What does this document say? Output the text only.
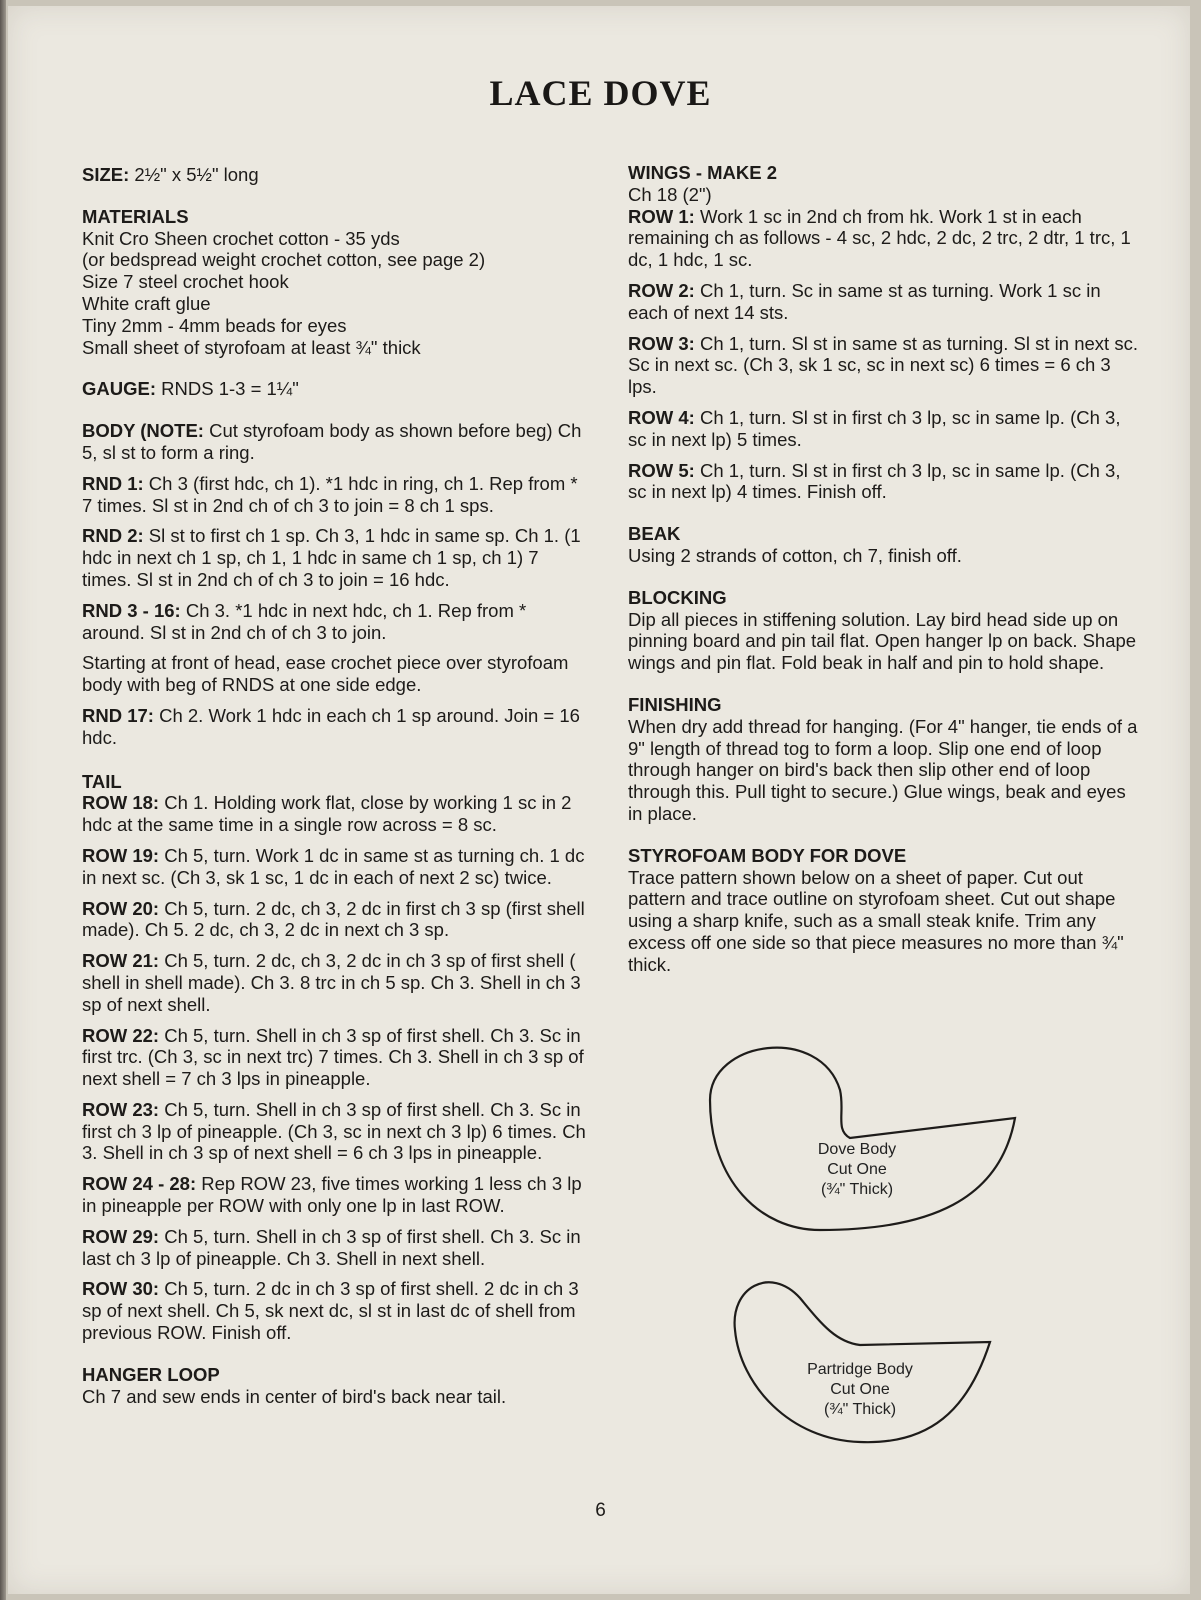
LACE DOVE

SIZE: 2½" x 5½" long

MATERIALS
Knit Cro Sheen crochet cotton - 35 yds
(or bedspread weight crochet cotton, see page 2)
Size 7 steel crochet hook
White craft glue
Tiny 2mm - 4mm beads for eyes
Small sheet of styrofoam at least ¾" thick

GAUGE: RNDS 1-3 = 1¼"

BODY (NOTE: Cut styrofoam body as shown before beg) Ch 5, sl st to form a ring.

RND 1: Ch 3 (first hdc, ch 1). *1 hdc in ring, ch 1. Rep from * 7 times. Sl st in 2nd ch of ch 3 to join = 8 ch 1 sps.

RND 2: Sl st to first ch 1 sp. Ch 3, 1 hdc in same sp. Ch 1. (1 hdc in next ch 1 sp, ch 1, 1 hdc in same ch 1 sp, ch 1) 7 times. Sl st in 2nd ch of ch 3 to join = 16 hdc.

RND 3 - 16: Ch 3. *1 hdc in next hdc, ch 1. Rep from * around. Sl st in 2nd ch of ch 3 to join.

Starting at front of head, ease crochet piece over styrofoam body with beg of RNDS at one side edge.

RND 17: Ch 2. Work 1 hdc in each ch 1 sp around. Join = 16 hdc.

TAIL

ROW 18: Ch 1. Holding work flat, close by working 1 sc in 2 hdc at the same time in a single row across = 8 sc.

ROW 19: Ch 5, turn. Work 1 dc in same st as turning ch. 1 dc in next sc. (Ch 3, sk 1 sc, 1 dc in each of next 2 sc) twice.

ROW 20: Ch 5, turn. 2 dc, ch 3, 2 dc in first ch 3 sp (first shell made). Ch 5. 2 dc, ch 3, 2 dc in next ch 3 sp.

ROW 21: Ch 5, turn. 2 dc, ch 3, 2 dc in ch 3 sp of first shell ( shell in shell made). Ch 3. 8 trc in ch 5 sp. Ch 3. Shell in ch 3 sp of next shell.

ROW 22: Ch 5, turn. Shell in ch 3 sp of first shell. Ch 3. Sc in first trc. (Ch 3, sc in next trc) 7 times. Ch 3. Shell in ch 3 sp of next shell = 7 ch 3 lps in pineapple.

ROW 23: Ch 5, turn. Shell in ch 3 sp of first shell. Ch 3. Sc in first ch 3 lp of pineapple. (Ch 3, sc in next ch 3 lp) 6 times. Ch 3. Shell in ch 3 sp of next shell = 6 ch 3 lps in pineapple.

ROW 24 - 28: Rep ROW 23, five times working 1 less ch 3 lp in pineapple per ROW with only one lp in last ROW.

ROW 29: Ch 5, turn. Shell in ch 3 sp of first shell. Ch 3. Sc in last ch 3 lp of pineapple. Ch 3. Shell in next shell.

ROW 30: Ch 5, turn. 2 dc in ch 3 sp of first shell. 2 dc in ch 3 sp of next shell. Ch 5, sk next dc, sl st in last dc of shell from previous ROW. Finish off.

HANGER LOOP
Ch 7 and sew ends in center of bird's back near tail.
WINGS - MAKE 2
Ch 18 (2")

ROW 1: Work 1 sc in 2nd ch from hk. Work 1 st in each remaining ch as follows - 4 sc, 2 hdc, 2 dc, 2 trc, 2 dtr, 1 trc, 1 dc, 1 hdc, 1 sc.

ROW 2: Ch 1, turn. Sc in same st as turning. Work 1 sc in each of next 14 sts.

ROW 3: Ch 1, turn. Sl st in same st as turning. Sl st in next sc. Sc in next sc. (Ch 3, sk 1 sc, sc in next sc) 6 times = 6 ch 3 lps.

ROW 4: Ch 1, turn. Sl st in first ch 3 lp, sc in same lp. (Ch 3, sc in next lp) 5 times.

ROW 5: Ch 1, turn. Sl st in first ch 3 lp, sc in same lp. (Ch 3, sc in next lp) 4 times. Finish off.

BEAK
Using 2 strands of cotton, ch 7, finish off.
BLOCKING
Dip all pieces in stiffening solution. Lay bird head side up on pinning board and pin tail flat. Open hanger lp on back. Shape wings and pin flat. Fold beak in half and pin to hold shape.
FINISHING
When dry add thread for hanging. (For 4" hanger, tie ends of a 9" length of thread tog to form a loop. Slip one end of loop through hanger on bird's back then slip other end of loop through this. Pull tight to secure.) Glue wings, beak and eyes in place.
STYROFOAM BODY FOR DOVE
Trace pattern shown below on a sheet of paper. Cut out pattern and trace outline on styrofoam sheet. Cut out shape using a sharp knife, such as a small steak knife. Trim any excess off one side so that piece measures no more than ¾" thick.
Dove Body
Cut One
(¾" Thick)
Partridge Body
Cut One
(¾" Thick)
6
